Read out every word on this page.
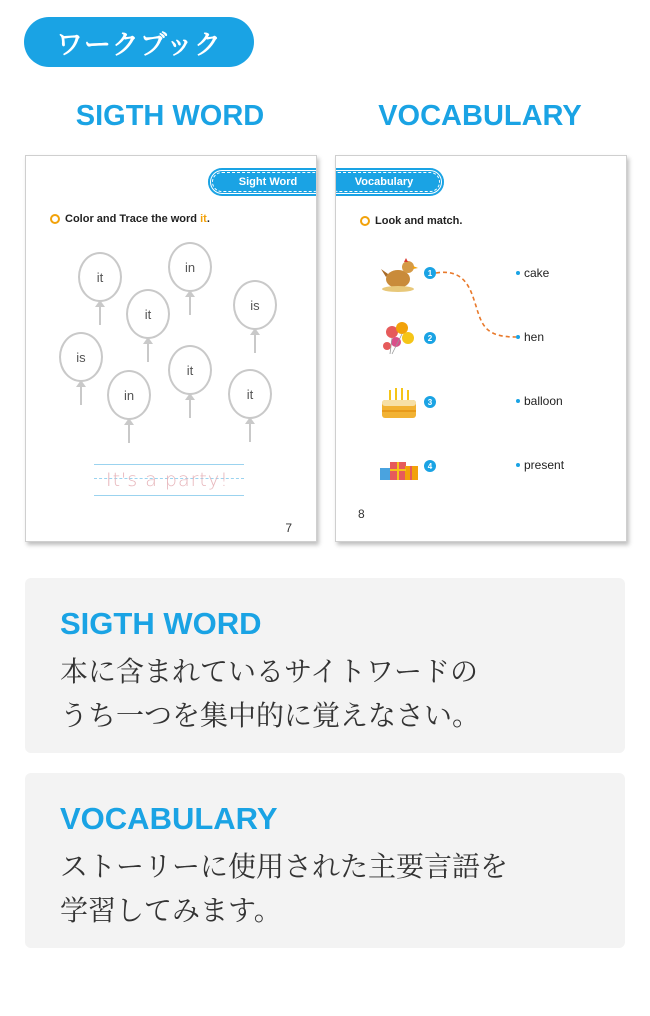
ワークブック
SIGTH WORD	VOCABULARY
Sight Word
Color and Trace the word it.
it
in
it
is
is
it
in	it
It's a party!
7
Vocabulary
Look and match.
1	cake
2	hen
3	balloon
4	present
8
SIGTH WORD
本に含まれているサイトワードの
うち一つを集中的に覚えなさい。
VOCABULARY
ストーリーに使用された主要言語を
学習してみます。
